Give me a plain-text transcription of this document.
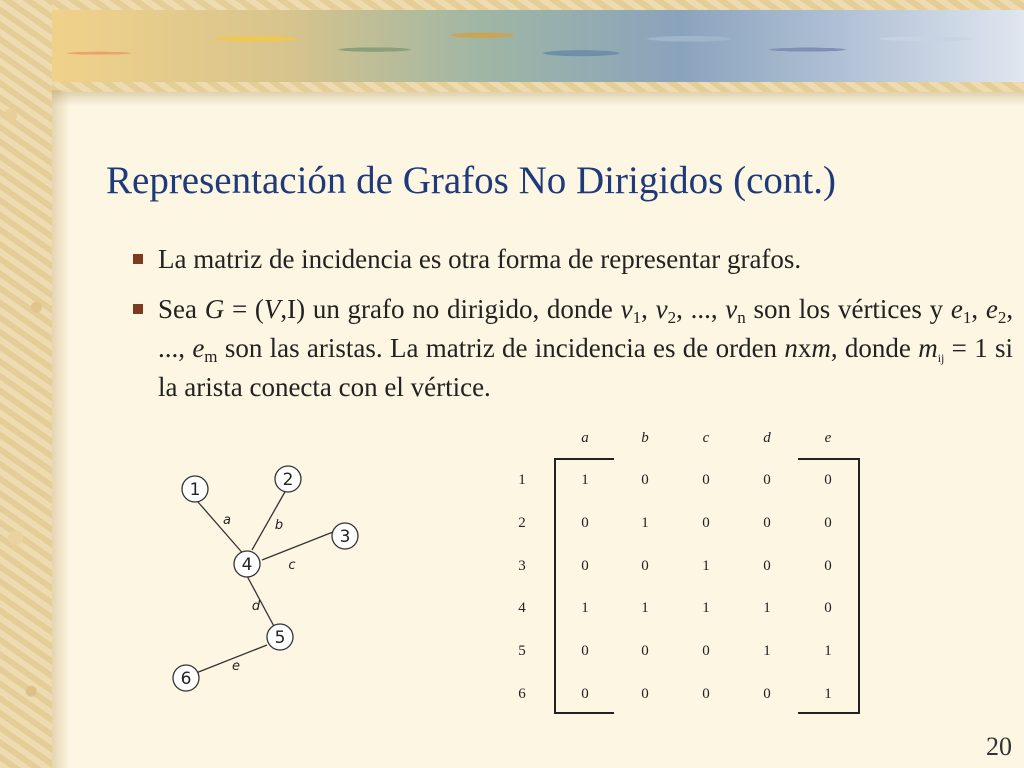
Representación de Grafos No Dirigidos (cont.)
La matriz de incidencia es otra forma de representar grafos.
Sea G = (V,I) un grafo no dirigido, donde $v_1$, $v_2$, ..., $v_n$ son los vértices y $e_1$, $e_2$, ..., $e_m$ son las aristas. La matriz de incidencia es de orden nxm, donde $m_{ij} = 1$ si la arista conecta con el vértice.
1	2
3
4
5
6
a	b
c
d
e
a	b	c	d	e
1	1	0	0	0	0
2	0	1	0	0	0
3	0	0	1	0	0
4	1	1	1	1	0
5	0	0	0	1	1
6	0	0	0	0	1
20
